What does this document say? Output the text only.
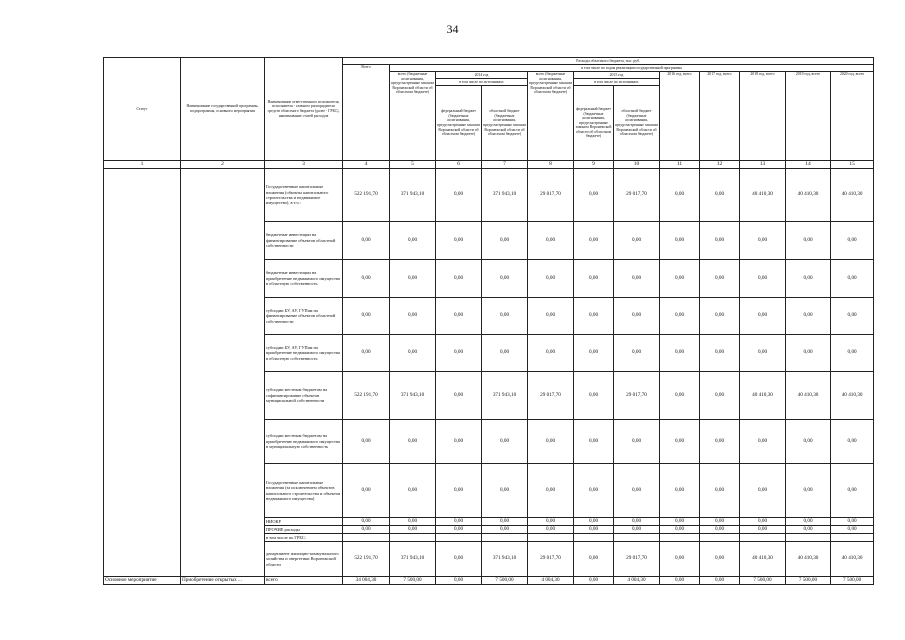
34
Статус	Наименование государственной программы, подпрограммы, основного мероприятия	Наименование ответственного исполнителя, исполнителя - главного распорядителя средств областного бюджета (далее - ГРБС), наименование статей расходов	Расходы областного бюджета, тыс. руб.											
			Всего	в том числе по годам реализации государственной программы										
				всего (бюджетные ассигнования, предусмотренные законом Воронежской области об областном бюджете)	2014 год		всего (бюджетные ассигнования, предусмотренные законом Воронежской области об областном бюджете)	2015 год		2016 год, всего	2017 год, всего	2018 год, всего	2019 год, всего	2020 год, всего
					в том числе по источникам:			в том числе по источникам:						
					федеральный бюджет (бюджетные ассигнования, предусмотренные законом Воронежской области об областном бюджете)	областной бюджет (бюджетные ассигнования, предусмотренные законом Воронежской области об областном бюджете)		федеральный бюджет (бюджетные ассигнования, предусмотренные законом Воронежской области об областном бюджете)	областной бюджет (бюджетные ассигнования, предусмотренные законом Воронежской области об областном бюджете)					
1	2	3	4	5	6	7	8	9	10	11	12	13	14	15
		Государственные капитальные вложения (объекты капитального строительства и недвижимое имущество), в т.ч.:	522 191,70	371 943,10	0,00	371 943,10	29 017,70	0,00	29 017,70	0,00	0,00	40 410,30	40 410,30	40 410,30
		бюджетные инвестиции на финансирование объектов областной собственности	0,00	0,00	0,00	0,00	0,00	0,00	0,00	0,00	0,00	0,00	0,00	0,00
		бюджетные инвестиции на приобретение недвижимого имущества в областную собственность	0,00	0,00	0,00	0,00	0,00	0,00	0,00	0,00	0,00	0,00	0,00	0,00
		субсидии БУ, АУ, ГУПам на финансирование объектов областной собственности	0,00	0,00	0,00	0,00	0,00	0,00	0,00	0,00	0,00	0,00	0,00	0,00
		субсидии БУ, АУ, ГУПам на приобретение недвижимого имущества в областную собственность	0,00	0,00	0,00	0,00	0,00	0,00	0,00	0,00	0,00	0,00	0,00	0,00
		субсидии местным бюджетам на софинансирование объектов муниципальной собственности	522 191,70	371 943,10	0,00	371 943,10	29 017,70	0,00	29 017,70	0,00	0,00	40 410,30	40 410,30	40 410,30
		субсидии местным бюджетам на приобретение недвижимого имущества в муниципальную собственность	0,00	0,00	0,00	0,00	0,00	0,00	0,00	0,00	0,00	0,00	0,00	0,00
		Государственные капитальные вложения (за исключением объектов капитального строительства и объектов недвижимого имущества)	0,00	0,00	0,00	0,00	0,00	0,00	0,00	0,00	0,00	0,00	0,00	0,00
		НИОКР	0,00	0,00	0,00	0,00	0,00	0,00	0,00	0,00	0,00	0,00	0,00	0,00
		ПРОЧИЕ расходы	0,00	0,00	0,00	0,00	0,00	0,00	0,00	0,00	0,00	0,00	0,00	0,00
		в том числе по ГРБС:												
		департамент жилищно-коммунального хозяйства и энергетики Воронежской области	522 191,70	371 943,10	0,00	371 943,10	29 017,70	0,00	29 017,70	0,00	0,00	40 410,30	40 410,30	40 410,30
Основное мероприятие	Приобретение открытых ...	всего	34 004,30	7 500,00	0,00	7 500,00	4 004,30	0,00	4 004,30	0,00	0,00	7 500,00	7 500,00	7 500,00
